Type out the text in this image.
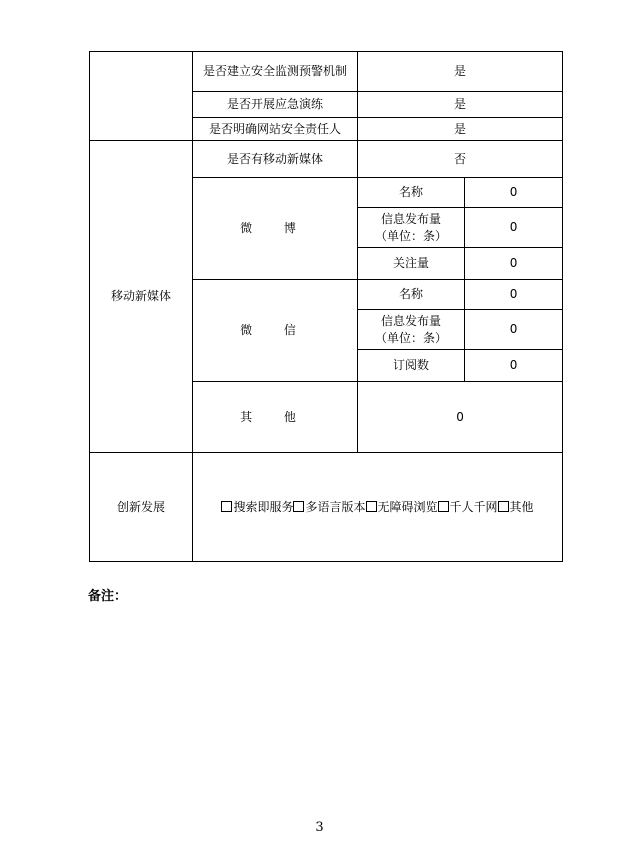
	是否建立安全监测预警机制	是	
	是否开展应急演练	是	
	是否明确网站安全责任人	是	
移动新媒体	是否有移动新媒体	否	
	微 博	名称	0

		信息发布量
（单位：条）	0
		关注量	0
	微 信	名称	0

		信息发布量
（单位：条）	0
		订阅数	0
	其 他	0	
创新发展	搜索即服务 多语言版本 无障碍浏览 千人千网 其他		
备注：
3
